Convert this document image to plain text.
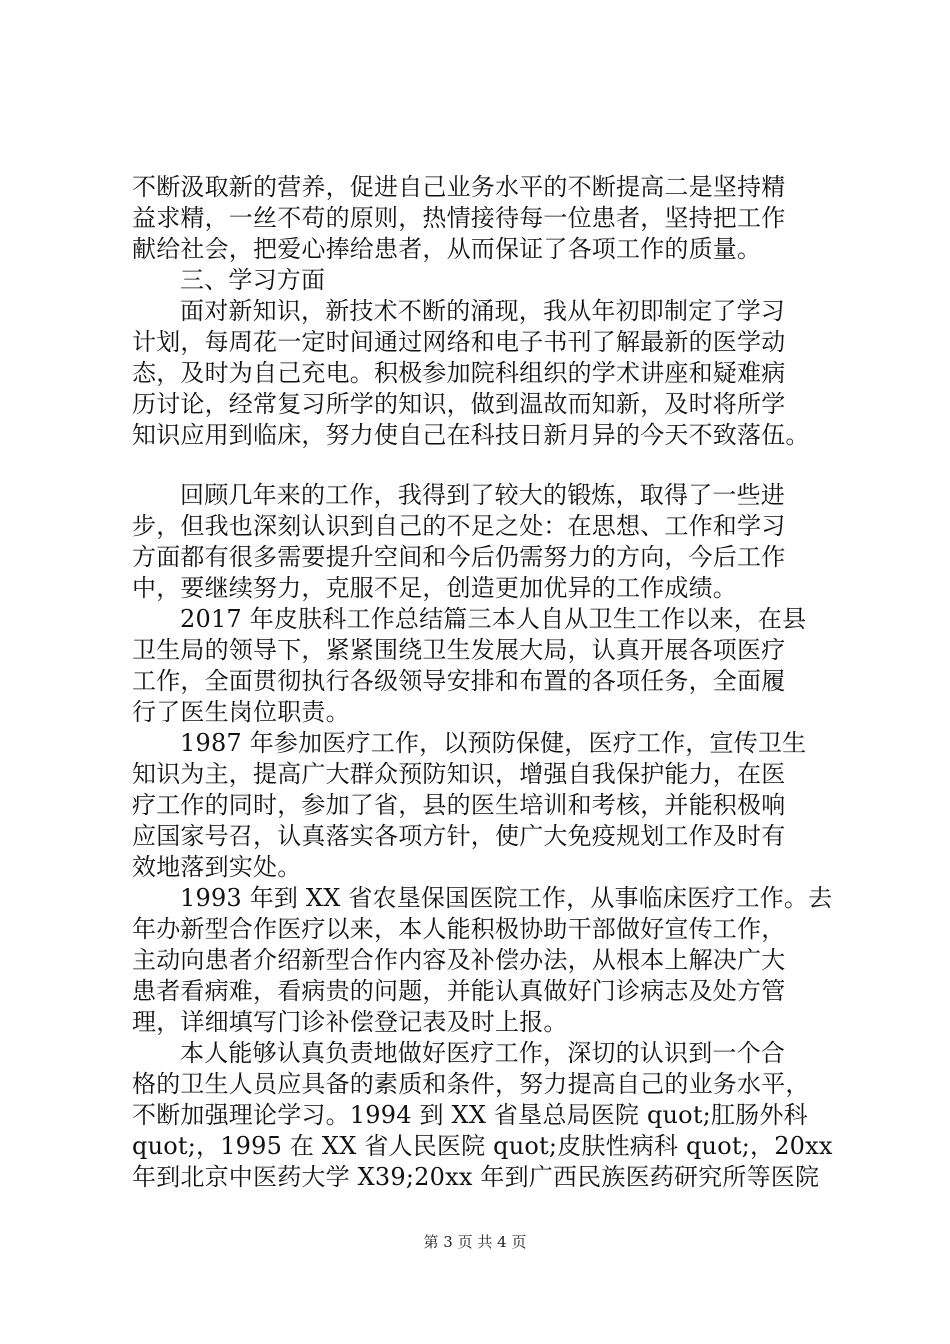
不断汲取新的营养，促进自己业务水平的不断提高二是坚持精
益求精，一丝不苟的原则，热情接待每一位患者，坚持把工作
献给社会，把爱心捧给患者，从而保证了各项工作的质量。
三、学习方面
面对新知识，新技术不断的涌现，我从年初即制定了学习
计划，每周花一定时间通过网络和电子书刊了解最新的医学动
态，及时为自己充电。积极参加院科组织的学术讲座和疑难病
历讨论，经常复习所学的知识，做到温故而知新，及时将所学
知识应用到临床，努力使自己在科技日新月异的今天不致落伍。
回顾几年来的工作，我得到了较大的锻炼，取得了一些进
步，但我也深刻认识到自己的不足之处：在思想、工作和学习
方面都有很多需要提升空间和今后仍需努力的方向，今后工作
中，要继续努力，克服不足，创造更加优异的工作成绩。
2017 年皮肤科工作总结篇三本人自从卫生工作以来，在县
卫生局的领导下，紧紧围绕卫生发展大局，认真开展各项医疗
工作，全面贯彻执行各级领导安排和布置的各项任务，全面履
行了医生岗位职责。
1987 年参加医疗工作，以预防保健，医疗工作，宣传卫生
知识为主，提高广大群众预防知识，增强自我保护能力，在医
疗工作的同时，参加了省，县的医生培训和考核，并能积极响
应国家号召，认真落实各项方针，使广大免疫规划工作及时有
效地落到实处。
1993 年到 XX 省农垦保国医院工作，从事临床医疗工作。去
年办新型合作医疗以来，本人能积极协助干部做好宣传工作，
主动向患者介绍新型合作内容及补偿办法，从根本上解决广大
患者看病难，看病贵的问题，并能认真做好门诊病志及处方管
理，详细填写门诊补偿登记表及时上报。
本人能够认真负责地做好医疗工作，深切的认识到一个合
格的卫生人员应具备的素质和条件，努力提高自己的业务水平，
不断加强理论学习。1994 到 XX 省垦总局医院 quot;肛肠外科
quot;，1995 在 XX 省人民医院 quot;皮肤性病科 quot;，20xx
年到北京中医药大学 X39;20xx 年到广西民族医药研究所等医院
第 3 页 共 4 页
